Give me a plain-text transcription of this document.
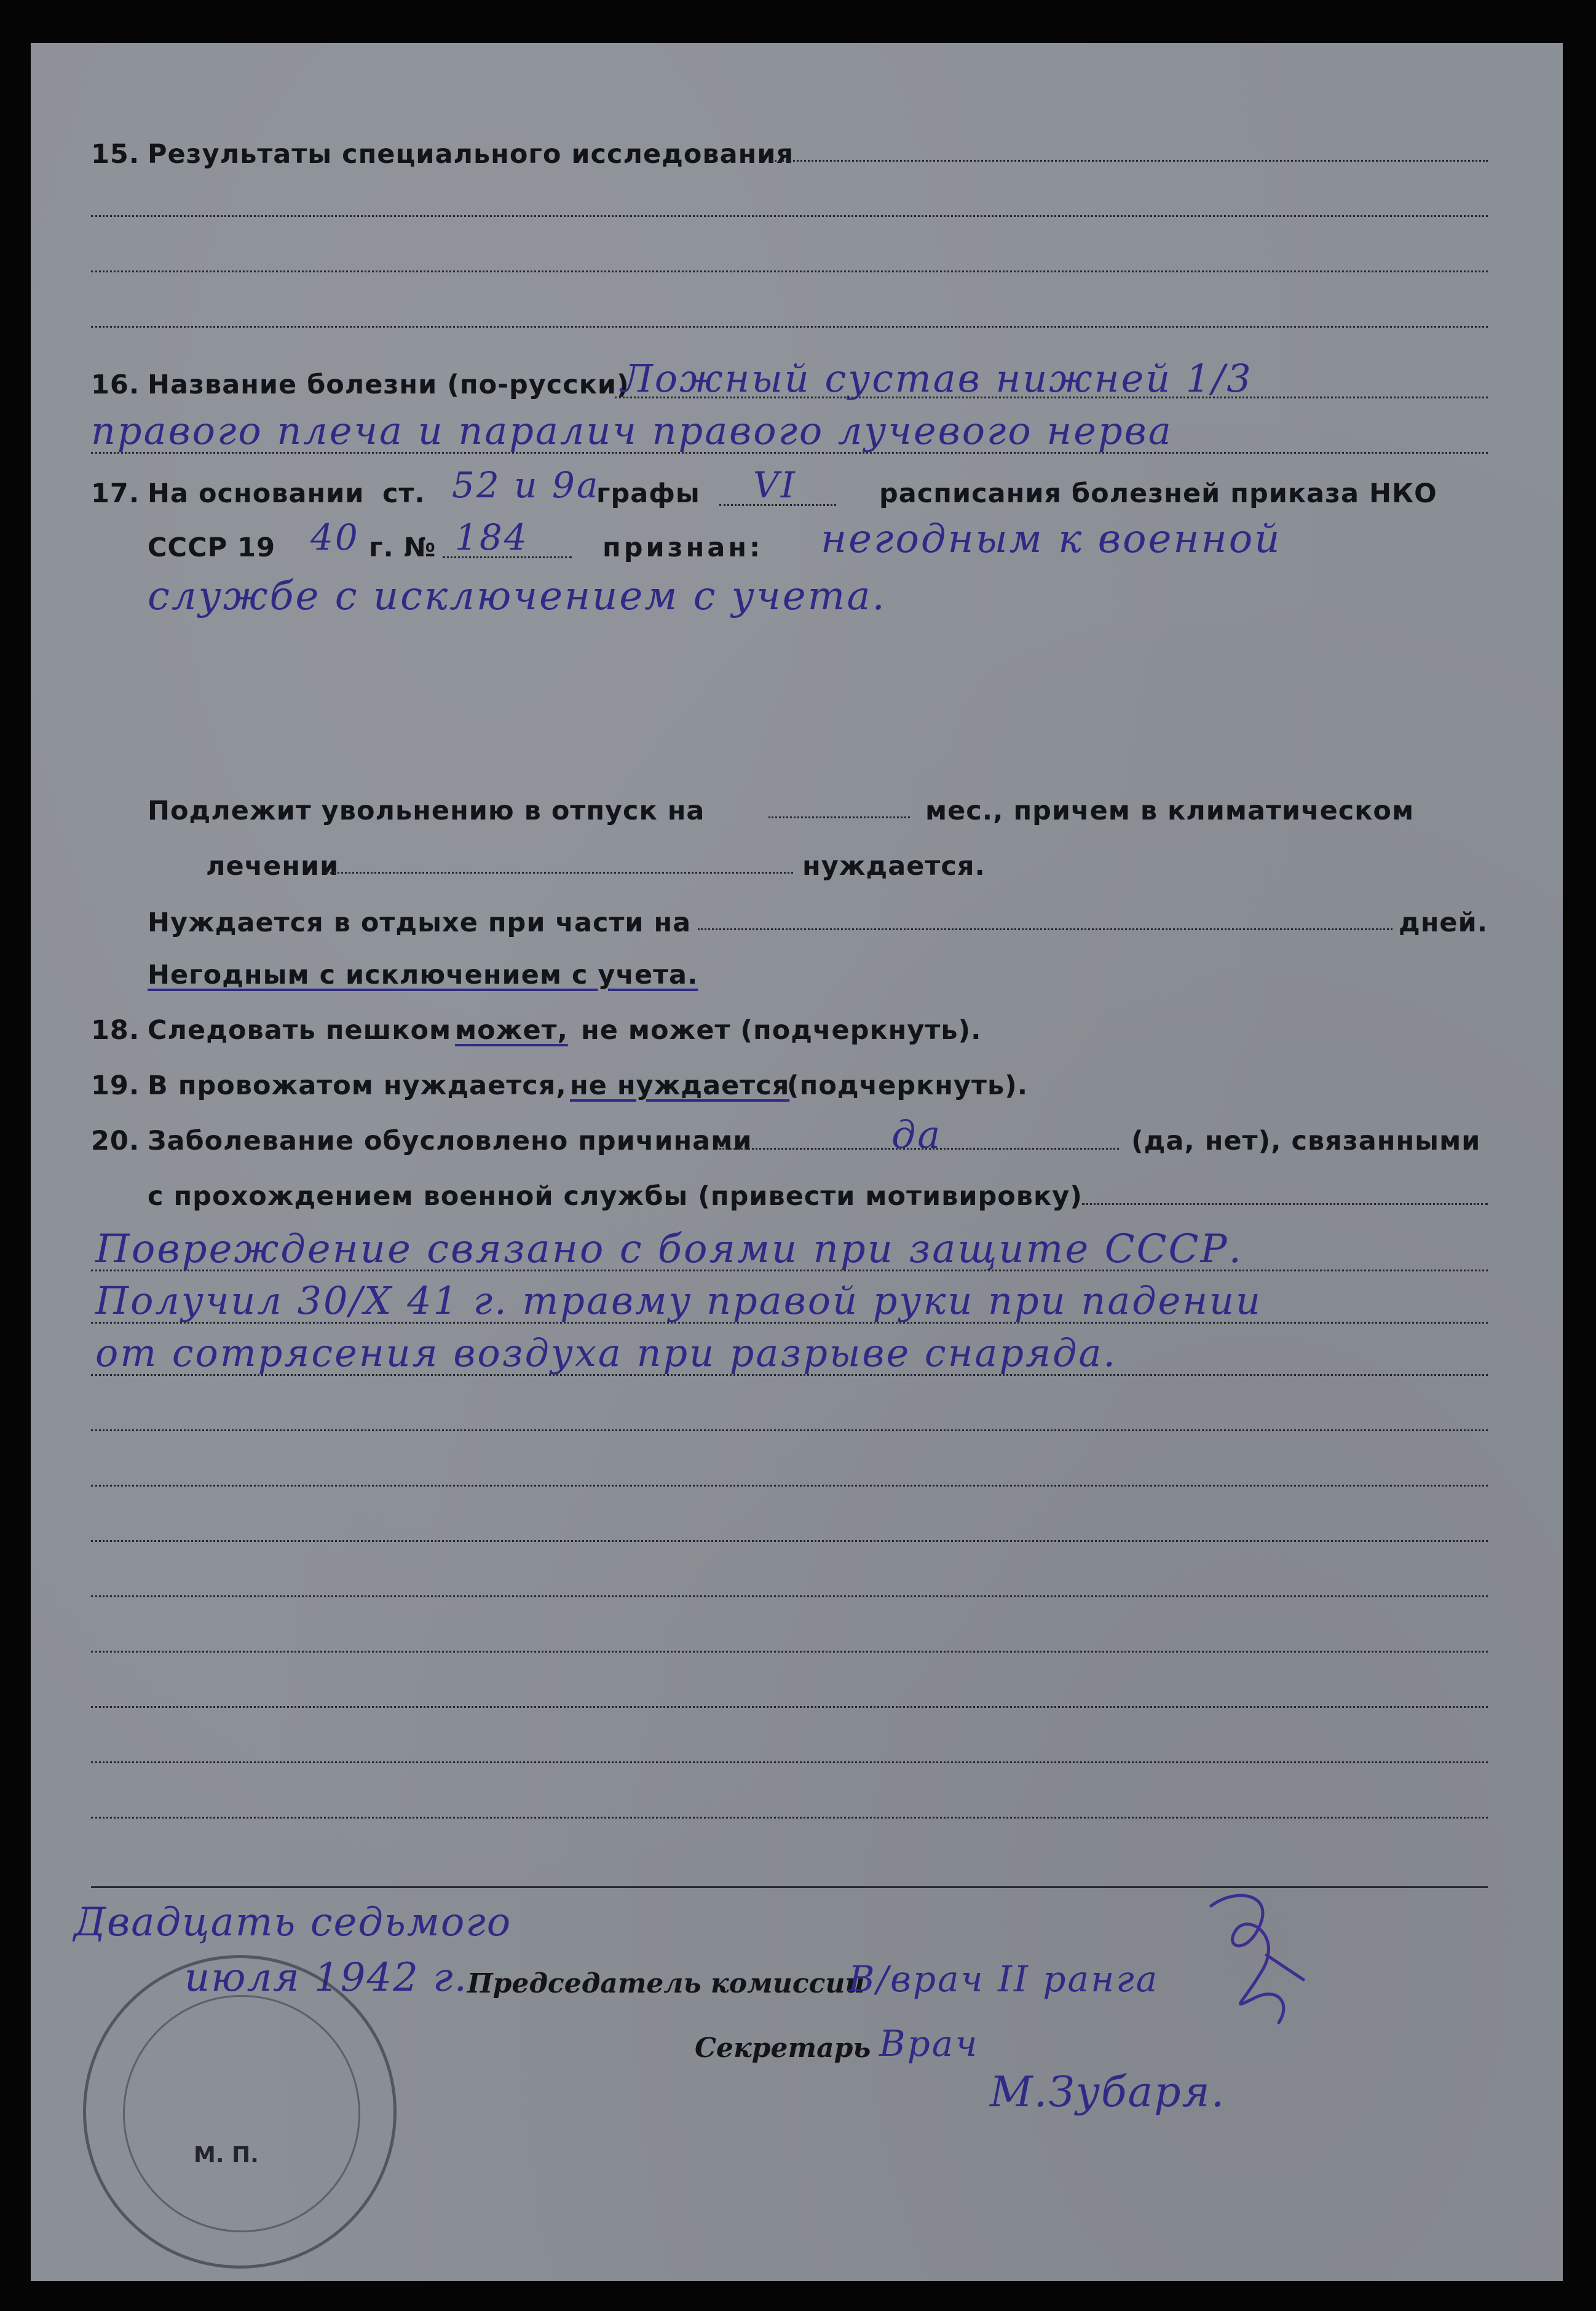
15. Результаты специального исследования
16. Название болезни (по-русски)
Ложный сустав нижней 1/3
правого плеча и паралич правого лучевого нерва
17. На основании ст. 52 и 9а
графы VI	расписания болезней приказа НКО
СССР 19 40 г. № 184	признан: негодным к военной
службе с исключением с учета.
Подлежит увольнению в отпуск на	мес., причем в климатическом
лечении	нуждается.
Нуждается в отдыхе при части на	дней.
Негодным с исключением с учета.
18. Следовать пешком может, не может (подчеркнуть).
19. В провожатом нуждается, не нуждается
(подчеркнуть).
20. Заболевание обусловлено причинами	да	(да, нет), связанными
с прохождением военной службы (привести мотивировку)
Повреждение связано с боями при защите СССР.
Получил 30/X 41 г. травму правой руки при падении
от сотрясения воздуха при разрыве снаряда.
Двадцать седьмого
июля 1942 г. Председатель комиссии
В/врач II ранга
Секретарь Врач
М.Зубаря.
М. П.
